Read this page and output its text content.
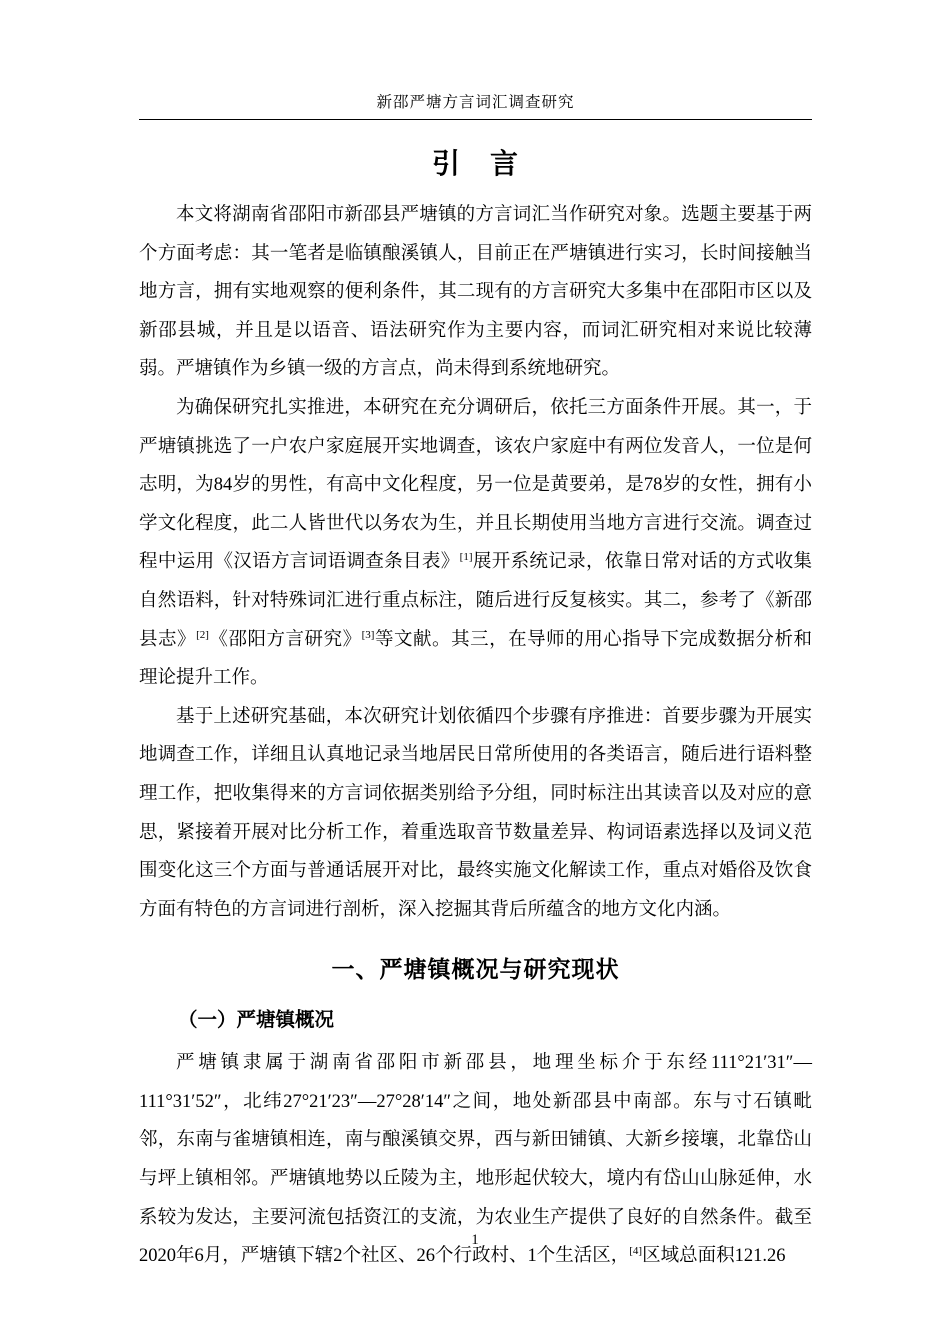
新邵严塘方言词汇调查研究
引　言

本文将湖南省邵阳市新邵县严塘镇的方言词汇当作研究对象。选题主要基于两个方面考虑：其一笔者是临镇酿溪镇人，目前正在严塘镇进行实习，长时间接触当地方言，拥有实地观察的便利条件，其二现有的方言研究大多集中在邵阳市区以及新邵县城，并且是以语音、语法研究作为主要内容，而词汇研究相对来说比较薄弱。严塘镇作为乡镇一级的方言点，尚未得到系统地研究。

为确保研究扎实推进，本研究在充分调研后，依托三方面条件开展。其一，于严塘镇挑选了一户农户家庭展开实地调查，该农户家庭中有两位发音人，一位是何志明，为84岁的男性，有高中文化程度，另一位是黄要弟，是78岁的女性，拥有小学文化程度，此二人皆世代以务农为生，并且长期使用当地方言进行交流。调查过程中运用《汉语方言词语调查条目表》[1]展开系统记录，依靠日常对话的方式收集自然语料，针对特殊词汇进行重点标注，随后进行反复核实。其二，参考了《新邵县志》[2]《邵阳方言研究》[3]等文献。其三，在导师的用心指导下完成数据分析和理论提升工作。

基于上述研究基础，本次研究计划依循四个步骤有序推进：首要步骤为开展实地调查工作，详细且认真地记录当地居民日常所使用的各类语言，随后进行语料整理工作，把收集得来的方言词依据类别给予分组，同时标注出其读音以及对应的意思，紧接着开展对比分析工作，着重选取音节数量差异、构词语素选择以及词义范围变化这三个方面与普通话展开对比，最终实施文化解读工作，重点对婚俗及饮食方面有特色的方言词进行剖析，深入挖掘其背后所蕴含的地方文化内涵。

一、严塘镇概况与研究现状
（一）严塘镇概况

严塘镇隶属于湖南省邵阳市新邵县，地理坐标介于东经111°21′31″—111°31′52″，北纬27°21′23″—27°28′14″之间，地处新邵县中南部。东与寸石镇毗邻，东南与雀塘镇相连，南与酿溪镇交界，西与新田铺镇、大新乡接壤，北靠岱山与坪上镇相邻。严塘镇地势以丘陵为主，地形起伏较大，境内有岱山山脉延伸，水系较为发达，主要河流包括资江的支流，为农业生产提供了良好的自然条件。截至2020年6月，严塘镇下辖2个社区、26个行政村、1个生活区，[4]区域总面积121.26

1
